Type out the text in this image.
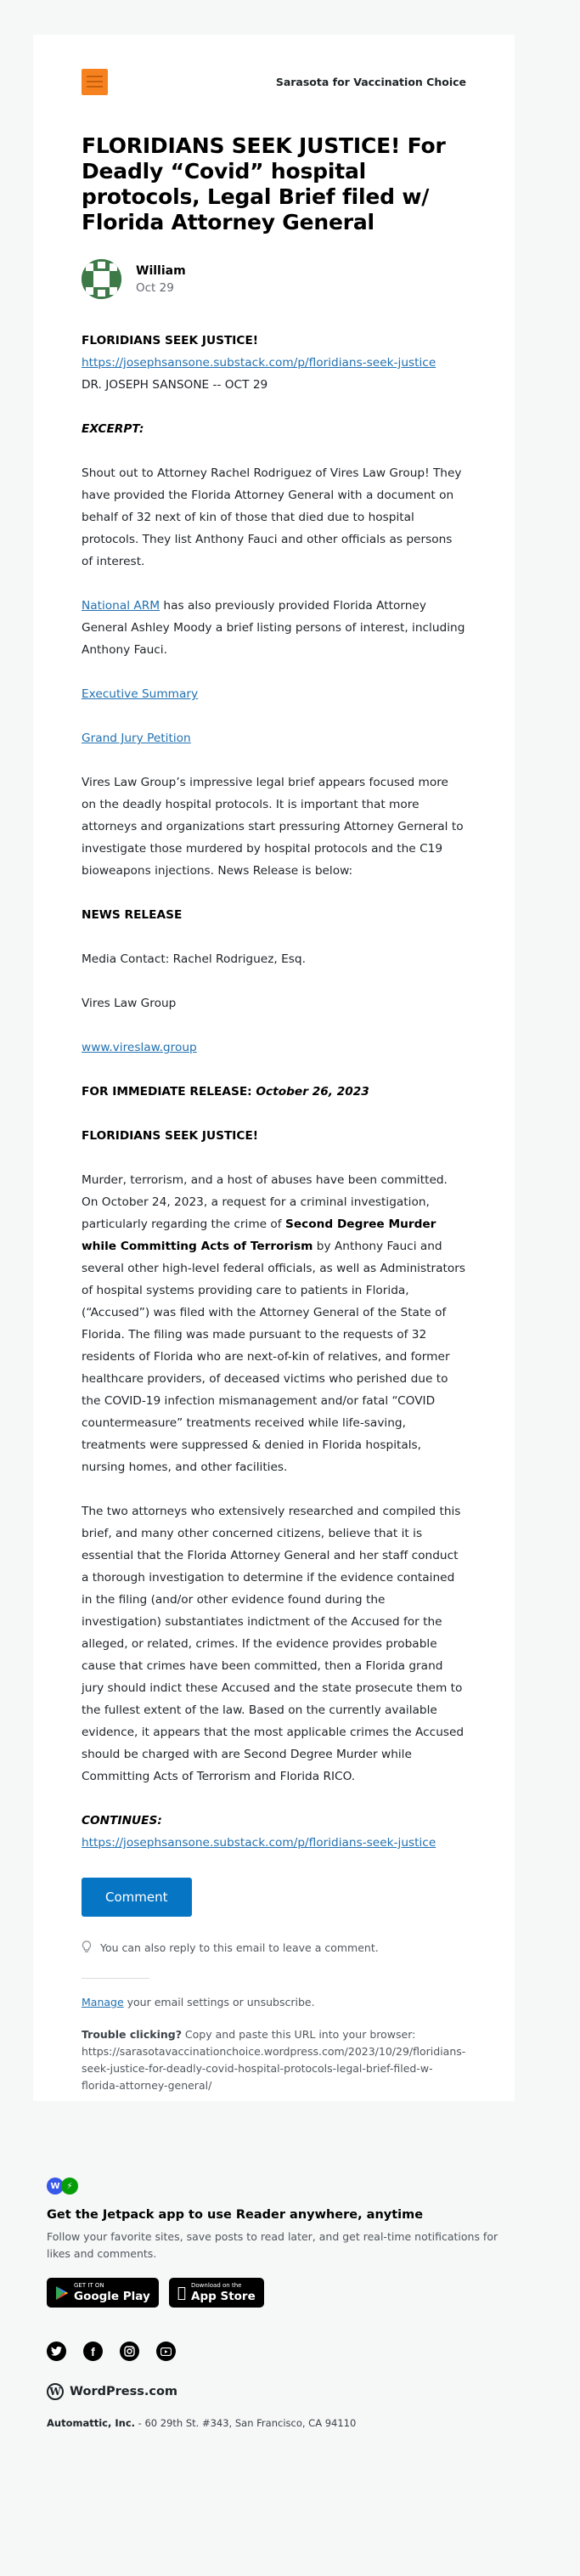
Sarasota for Vaccination Choice
FLORIDIANS SEEK JUSTICE! For Deadly “Covid” hospital protocols, Legal Brief filed w/ Florida Attorney General
William
Oct 29

FLORIDIANS SEEK JUSTICE!
https://josephsansone.substack.com/p/floridians-seek-justice
DR. JOSEPH SANSONE -- OCT 29

EXCERPT:

Shout out to Attorney Rachel Rodriguez of Vires Law Group! They have provided the Florida Attorney General with a document on behalf of 32 next of kin of those that died due to hospital protocols. They list Anthony Fauci and other officials as persons of interest.

National ARM has also previously provided Florida Attorney General Ashley Moody a brief listing persons of interest, including Anthony Fauci.

Executive Summary

Grand Jury Petition

Vires Law Group’s impressive legal brief appears focused more on the deadly hospital protocols. It is important that more attorneys and organizations start pressuring Attorney Gerneral to investigate those murdered by hospital protocols and the C19 bioweapons injections. News Release is below:

NEWS RELEASE

Media Contact: Rachel Rodriguez, Esq.

Vires Law Group

www.vireslaw.group

FOR IMMEDIATE RELEASE: October 26, 2023

FLORIDIANS SEEK JUSTICE!

Murder, terrorism, and a host of abuses have been committed. On October 24, 2023, a request for a criminal investigation, particularly regarding the crime of Second Degree Murder while Committing Acts of Terrorism by Anthony Fauci and several other high-level federal officials, as well as Administrators of hospital systems providing care to patients in Florida, (“Accused”) was filed with the Attorney General of the State of Florida. The filing was made pursuant to the requests of 32 residents of Florida who are next-of-kin of relatives, and former healthcare providers, of deceased victims who perished due to the COVID-19 infection mismanagement and/or fatal “COVID countermeasure” treatments received while life-saving, treatments were suppressed & denied in Florida hospitals, nursing homes, and other facilities.

The two attorneys who extensively researched and compiled this brief, and many other concerned citizens, believe that it is essential that the Florida Attorney General and her staff conduct a thorough investigation to determine if the evidence contained in the filing (and/or other evidence found during the investigation) substantiates indictment of the Accused for the alleged, or related, crimes. If the evidence provides probable cause that crimes have been committed, then a Florida grand jury should indict these Accused and the state prosecute them to the fullest extent of the law. Based on the currently available evidence, it appears that the most applicable crimes the Accused should be charged with are Second Degree Murder while Committing Acts of Terrorism and Florida RICO.

CONTINUES:
https://josephsansone.substack.com/p/floridians-seek-justice

Comment
You can also reply to this email to leave a comment.
Manage your email settings or unsubscribe.
Trouble clicking? Copy and paste this URL into your browser:
https://sarasotavaccinationchoice.wordpress.com/2023/10/29/floridians-seek-justice-for-deadly-covid-hospital-protocols-legal-brief-filed-w-florida-attorney-general/
W ⚡
Get the Jetpack app to use Reader anywhere, anytime
Follow your favorite sites, save posts to read later, and get real-time notifications for likes and comments.
GET IT ON
Google Play
Download on the
App Store
f
W WordPress.com
Automattic, Inc. - 60 29th St. #343, San Francisco, CA 94110
